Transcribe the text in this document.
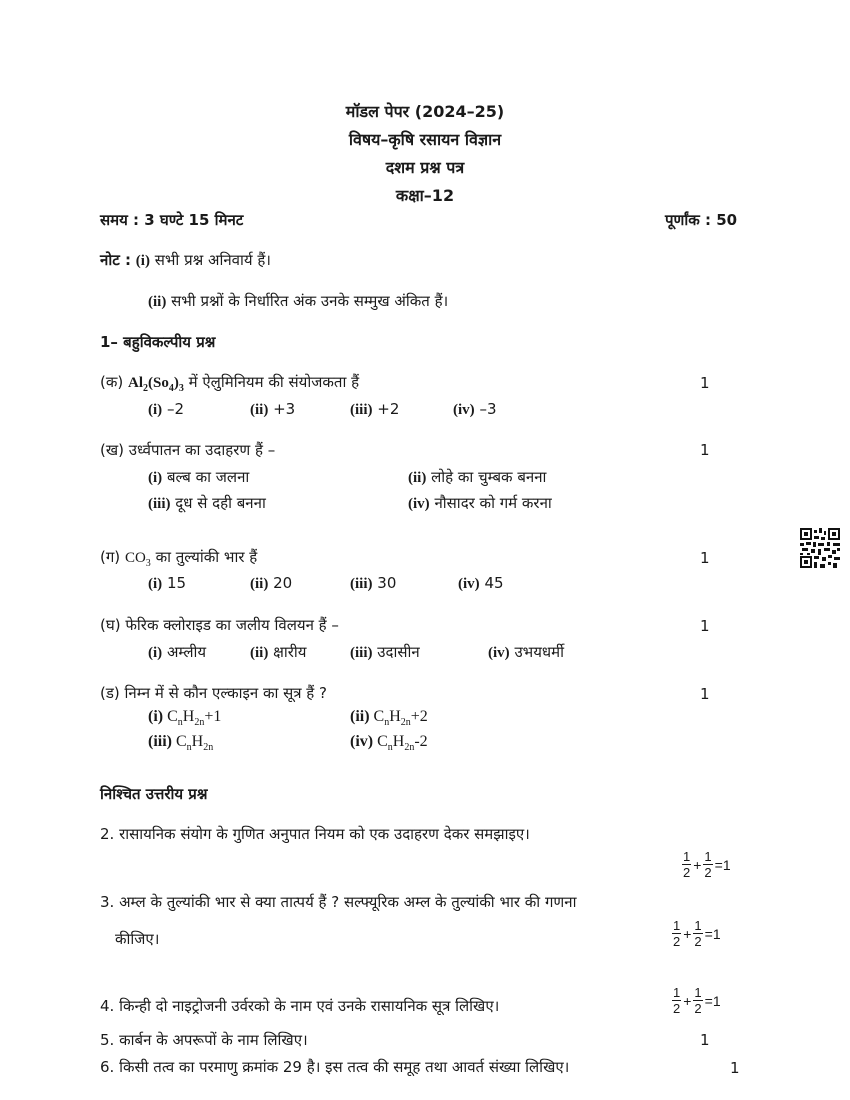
मॉडल पेपर (2024–25)
विषय–कृषि रसायन विज्ञान
दशम प्रश्न पत्र
कक्षा–12
समय : 3 घण्टे 15 मिनट	पूर्णांक : 50
नोट : (i) सभी प्रश्न अनिवार्य हैं।
(ii) सभी प्रश्नों के निर्धारित अंक उनके सम्मुख अंकित हैं।
1– बहुविकल्पीय प्रश्न
(क) $Al_2(So_4)_3$ में ऐलुमिनियम की संयोजकता हैं	1
(i) –2	(ii) +3	(iii) +2	(iv) –3
(ख) उर्ध्वपातन का उदाहरण हैं –	1
(i) बल्ब का जलना	(ii) लोहे का चुम्बक बनना
(iii) दूध से दही बनना	(iv) नौसादर को गर्म करना
(ग) $CO_3$ का तुल्यांकी भार हैं	1
(i) 15	(ii) 20	(iii) 30	(iv) 45
(घ) फेरिक क्लोराइड का जलीय विलयन हैं –	1
(i) अम्लीय	(ii) क्षारीय	(iii) उदासीन	(iv) उभयधर्मी
(ड) निम्न में से कौन एल्काइन का सूत्र हैं ?	1
(i) $C_nH_{2n}+1$	(ii) $C_nH_{2n}+2$
(iii) $C_nH_{2n}$	(iv) $C_nH_{2n}-2$
निश्चित उत्तरीय प्रश्न
2. रासायनिक संयोग के गुणित अनुपात नियम को एक उदाहरण देकर समझाइए।
$\frac{1}{2} + \frac{1}{2} =1$
3. अम्ल के तुल्यांकी भार से क्या तात्पर्य हैं ? सल्फ्यूरिक अम्ल के तुल्यांकी भार की गणना
कीजिए।	$\frac{1}{2} + \frac{1}{2} =1$
4. किन्ही दो नाइट्रोजनी उर्वरको के नाम एवं उनके रासायनिक सूत्र लिखिए।	$\frac{1}{2} + \frac{1}{2} =1$
5. कार्बन के अपरूपों के नाम लिखिए।	1
6. किसी तत्व का परमाणु क्रमांक 29 है। इस तत्व की समूह तथा आवर्त संख्या लिखिए।	1
